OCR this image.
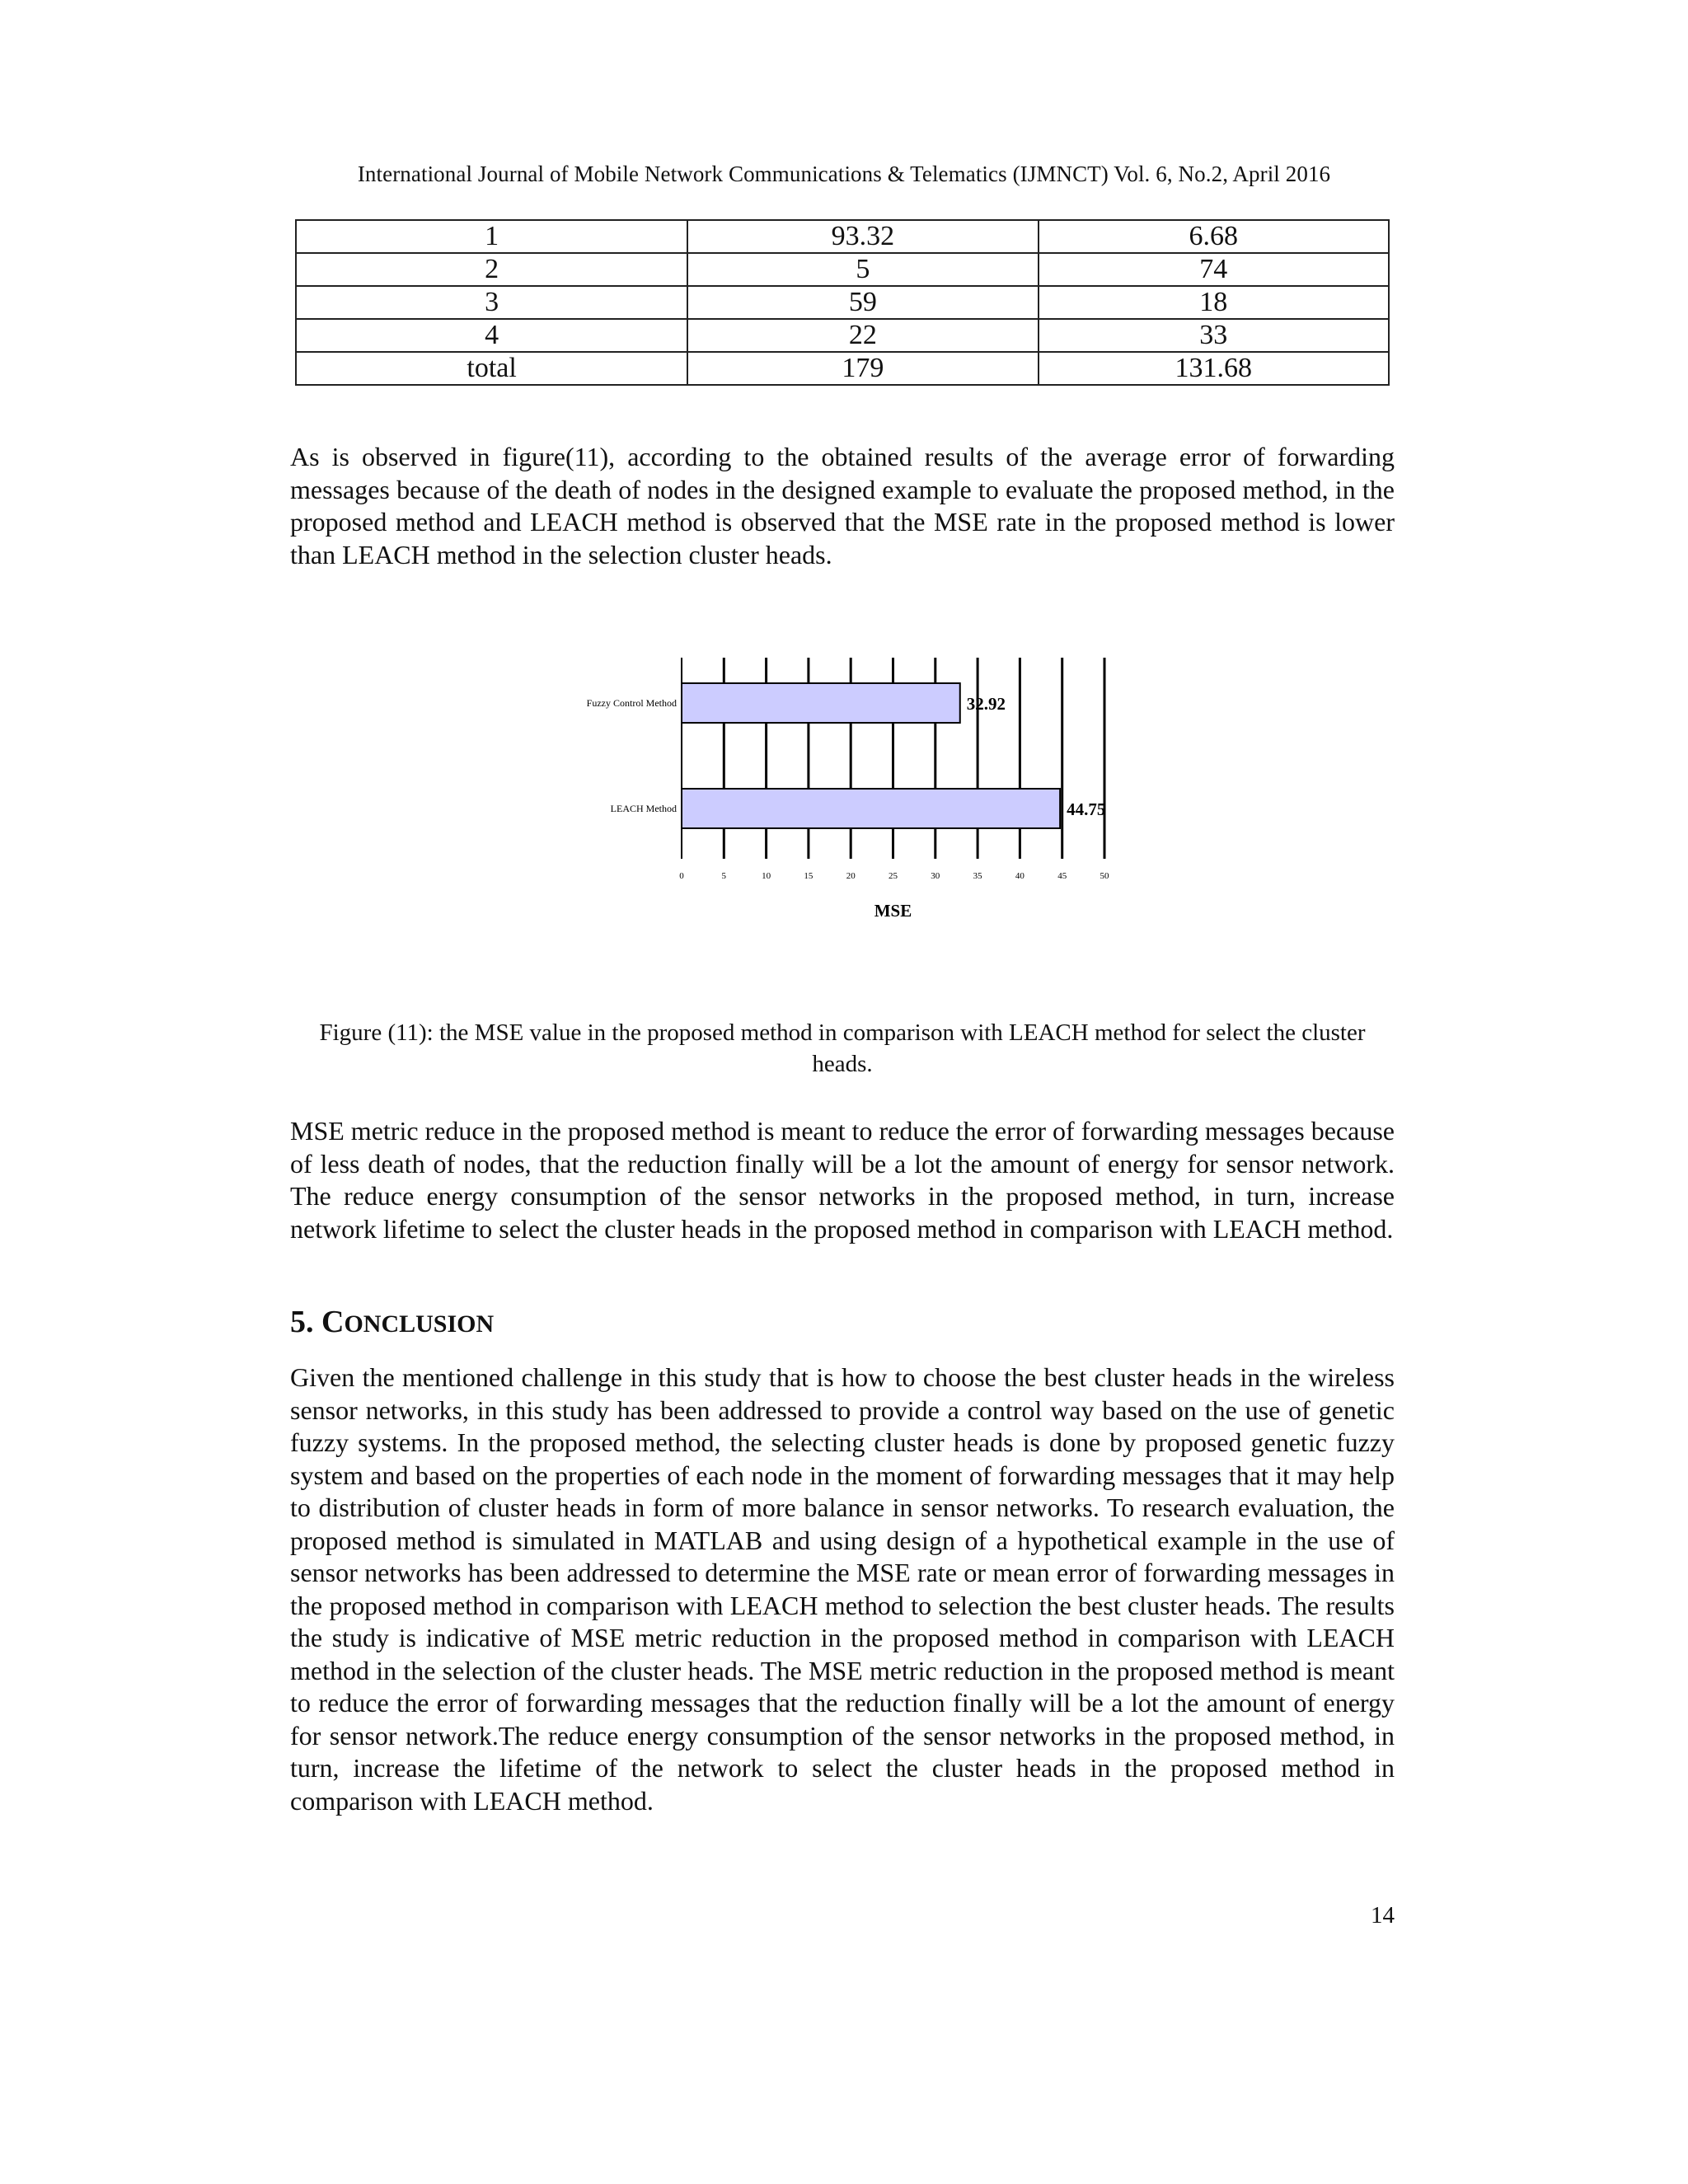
International Journal of Mobile Network Communications & Telematics (IJMNCT) Vol. 6, No.2, April 2016
1	93.32	6.68
2	5	74
3	59	18
4	22	33
total	179	131.68

As is observed in figure(11), according to the obtained results of the average error of forwarding messages because of the death of nodes in the designed example to evaluate the proposed method, in the proposed method and LEACH method is observed that the MSE rate in the proposed method is lower than LEACH method in the selection cluster heads.

0	5	10	15	20	25	30	35	40	45	50
Fuzzy Control Method	32.92
LEACH Method	44.75
MSE

Figure (11): the MSE value in the proposed method in comparison with LEACH method for select the cluster heads.

MSE metric reduce in the proposed method is meant to reduce the error of forwarding messages because of less death of nodes, that the reduction finally will be a lot the amount of energy for sensor network. The reduce energy consumption of the sensor networks in the proposed method, in turn, increase network lifetime to select the cluster heads in the proposed method in comparison with LEACH method.

5. CONCLUSION

Given the mentioned challenge in this study that is how to choose the best cluster heads in the wireless sensor networks, in this study has been addressed to provide a control way based on the use of genetic fuzzy systems. In the proposed method, the selecting cluster heads is done by proposed genetic fuzzy system and based on the properties of each node in the moment of forwarding messages that it may help to distribution of cluster heads in form of more balance in sensor networks. To research evaluation, the proposed method is simulated in MATLAB and using design of a hypothetical example in the use of sensor networks has been addressed to determine the MSE rate or mean error of forwarding messages in the proposed method in comparison with LEACH method to selection the best cluster heads. The results the study is indicative of MSE metric reduction in the proposed method in comparison with LEACH method in the selection of the cluster heads. The MSE metric reduction in the proposed method is meant to reduce the error of forwarding messages that the reduction finally will be a lot the amount of energy for sensor network.The reduce energy consumption of the sensor networks in the proposed method, in turn, increase the lifetime of the network to select the cluster heads in the proposed method in comparison with LEACH method.

14
